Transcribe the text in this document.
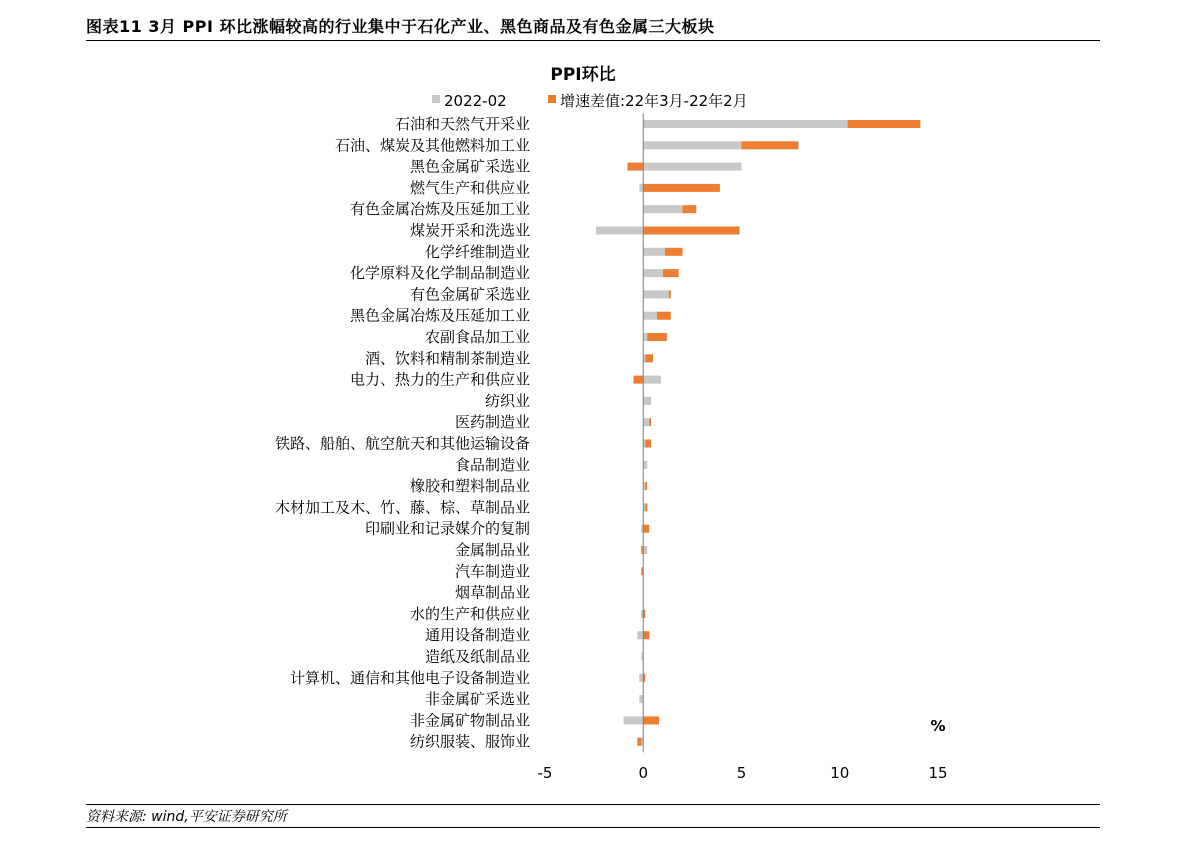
图表11 3月 PPI 环比涨幅较高的行业集中于石化产业、黑色商品及有色金属三大板块
PPI环比
2022-02	增速差值:22年3月-22年2月
石油和天然气开采业
石油、煤炭及其他燃料加工业
黑色金属矿采选业
燃气生产和供应业
有色金属冶炼及压延加工业
煤炭开采和洗选业
化学纤维制造业
化学原料及化学制品制造业
有色金属矿采选业
黑色金属冶炼及压延加工业
农副食品加工业
酒、饮料和精制茶制造业
电力、热力的生产和供应业
纺织业
医药制造业
铁路、船舶、航空航天和其他运输设备
食品制造业
橡胶和塑料制品业
木材加工及木、竹、藤、棕、草制品业
印刷业和记录媒介的复制
金属制品业
汽车制造业
烟草制品业
水的生产和供应业
通用设备制造业
造纸及纸制品业
计算机、通信和其他电子设备制造业
非金属矿采选业
非金属矿物制品业
纺织服装、服饰业
-5	0	5	10	15
%
资料来源: wind,平安证券研究所
